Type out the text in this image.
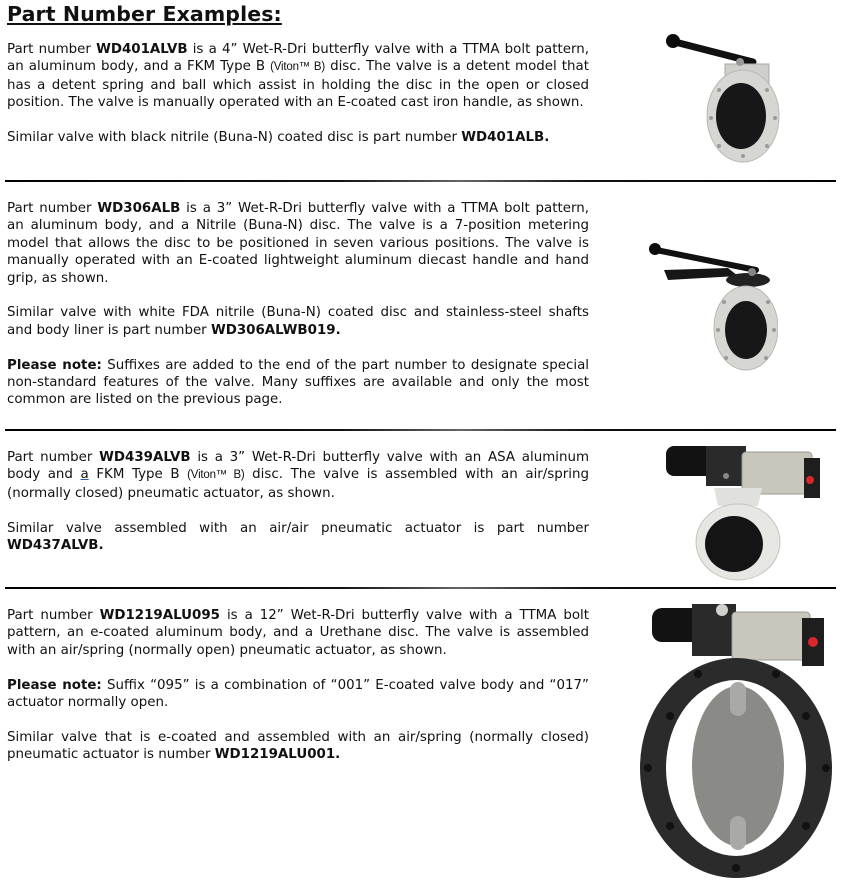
Part Number Examples:

Part number WD401ALVB is a 4” Wet-R-Dri butterfly valve with a TTMA bolt pattern, an aluminum body, and a FKM Type B (Viton™ B) disc. The valve is a detent model that has a detent spring and ball which assist in holding the disc in the open or closed position. The valve is manually operated with an E-coated cast iron handle, as shown.

Similar valve with black nitrile (Buna-N) coated disc is part number WD401ALB.

Part number WD306ALB is a 3” Wet-R-Dri butterfly valve with a TTMA bolt pattern, an aluminum body, and a Nitrile (Buna-N) disc. The valve is a 7-position metering model that allows the disc to be positioned in seven various positions. The valve is manually operated with an E-coated lightweight aluminum diecast handle and hand grip, as shown.

Similar valve with white FDA nitrile (Buna-N) coated disc and stainless-steel shafts and body liner is part number WD306ALWB019.

Please note: Suffixes are added to the end of the part number to designate special non-standard features of the valve. Many suffixes are available and only the most common are listed on the previous page.

Part number WD439ALVB is a 3” Wet-R-Dri butterfly valve with an ASA aluminum body and a FKM Type B (Viton™ B) disc. The valve is assembled with an air/spring (normally closed) pneumatic actuator, as shown.

Similar valve assembled with an air/air pneumatic actuator is part number WD437ALVB.

Part number WD1219ALU095 is a 12” Wet-R-Dri butterfly valve with a TTMA bolt pattern, an e-coated aluminum body, and a Urethane disc. The valve is assembled with an air/spring (normally open) pneumatic actuator, as shown.

Please note: Suffix “095” is a combination of “001” E-coated valve body and “017” actuator normally open.

Similar valve that is e-coated and assembled with an air/spring (normally closed) pneumatic actuator is number WD1219ALU001.
